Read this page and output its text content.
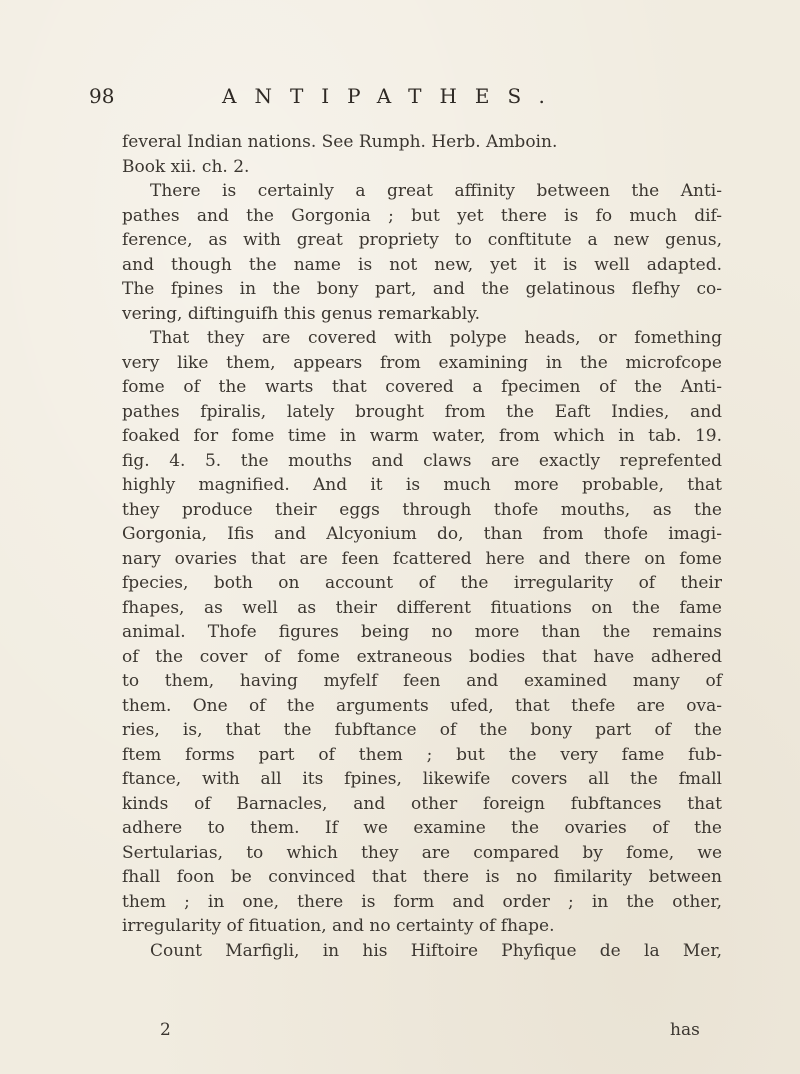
98	ANTIPATHES.
feveral Indian nations. See Rumph. Herb. Amboin.
Book xii. ch. 2.
There is certainly a great affinity between the Anti-
pathes and the Gorgonia ; but yet there is fo much dif-
ference, as with great propriety to conftitute a new genus,
and though the name is not new, yet it is well adapted.
The fpines in the bony part, and the gelatinous flefhy co-
vering, diftinguifh this genus remarkably.
That they are covered with polype heads, or fomething
very like them, appears from examining in the microfcope
fome of the warts that covered a fpecimen of the Anti-
pathes fpiralis, lately brought from the Eaft Indies, and
foaked for fome time in warm water, from which in tab. 19.
fig. 4. 5. the mouths and claws are exactly reprefented
highly magnified. And it is much more probable, that
they produce their eggs through thofe mouths, as the
Gorgonia, Ifis and Alcyonium do, than from thofe imagi-
nary ovaries that are feen fcattered here and there on fome
fpecies, both on account of the irregularity of their
fhapes, as well as their different fituations on the fame
animal. Thofe figures being no more than the remains
of the cover of fome extraneous bodies that have adhered
to them, having myfelf feen and examined many of
them. One of the arguments ufed, that thefe are ova-
ries, is, that the fubftance of the bony part of the
ftem forms part of them ; but the very fame fub-
ftance, with all its fpines, likewife covers all the fmall
kinds of Barnacles, and other foreign fubftances that
adhere to them. If we examine the ovaries of the
Sertularias, to which they are compared by fome, we
fhall foon be convinced that there is no fimilarity between
them ; in one, there is form and order ; in the other,
irregularity of fituation, and no certainty of fhape.
Count Marfigli, in his Hiftoire Phyfique de la Mer,
2	has
